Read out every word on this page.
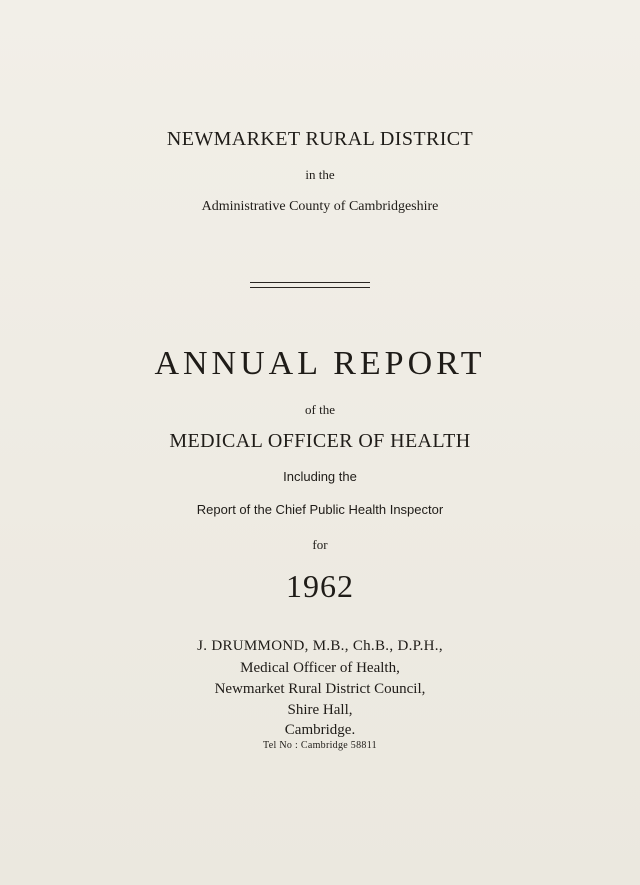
NEWMARKET RURAL DISTRICT

in the

Administrative County of Cambridgeshire

ANNUAL REPORT

of the

MEDICAL OFFICER OF HEALTH

Including the

Report of the Chief Public Health Inspector

for

1962

J. DRUMMOND, M.B., Ch.B., D.P.H.,

Medical Officer of Health,

Newmarket Rural District Council,

Shire Hall,

Cambridge.

Tel No : Cambridge 58811
